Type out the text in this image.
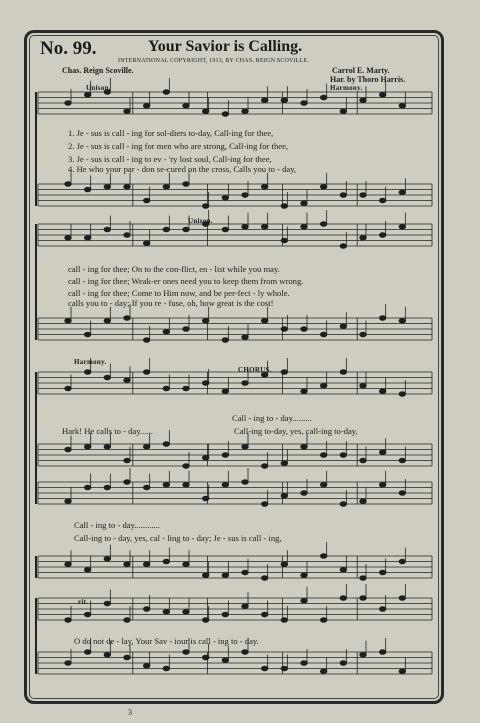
No. 99.	Your Savior is Calling.
INTERNATIONAL COPYRIGHT, 1913, BY CHAS. REIGN SCOVILLE.
Chas. Reign Scoville.	Carrol E. Marty.
Har. by Thoro Harris.
Unison.	Harmony.
Unison.
Harmony.
CHORUS.
rit.
1. Je - sus is call - ing for sol-diers to-day, Call-ing for thee,
2. Je - sus is call - ing for men who are strong, Call-ing for thee,
3. Je - sus is call - ing to ev - 'ry lost soul, Call-ing for thee,
4. He who your par - don se-cured on the cross, Calls you to - day,
call - ing for thee; On to the con-flict, en - list while you may.
call - ing for thee; Weak-er ones need you to keep them from wrong.
call - ing for thee; Come to Him now, and be per-fect - ly whole.
calls you to - day; If you re - fuse, oh, how great is the cost!
Call - ing to - day.........
Hark! He calls to - day......	Call-ing to-day, yes, call-ing to-day,
Call - ing to - day............
Call-ing to - day, yes, cal - ling to - day; Je - sus is call - ing,
O do not de - lay, Your Sav - iour is call - ing to - day.
3
